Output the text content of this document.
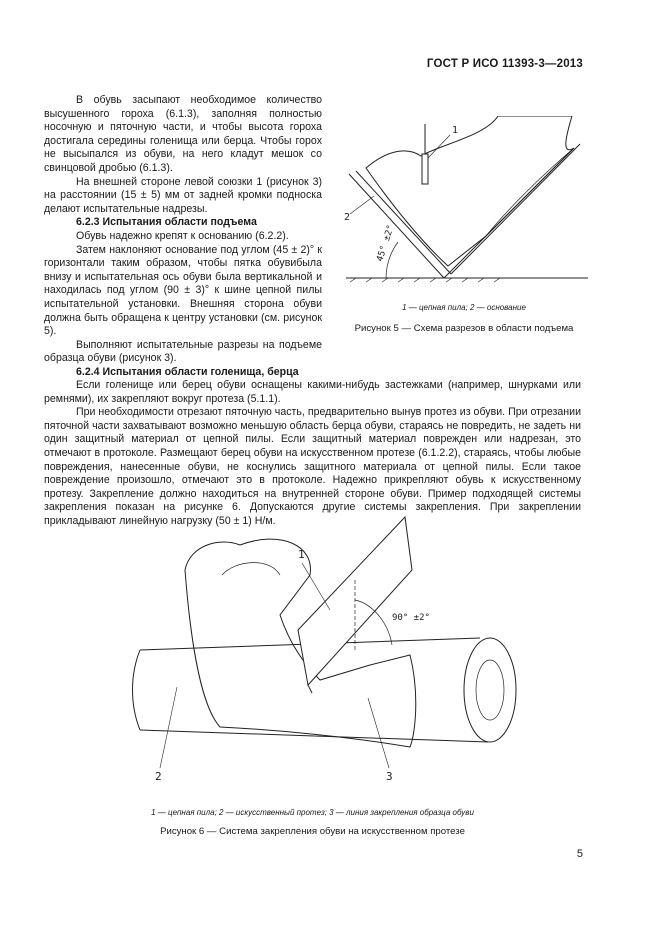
ГОСТ Р ИСО 11393-3—2013

В обувь засыпают необходимое количество высушенного гороха (6.1.3), заполняя полностью носочную и пяточную части, и чтобы высота гороха достигала середины голенища или берца. Чтобы горох не высыпался из обуви, на него кладут мешок со свинцовой дробью (6.1.3).

На внешней стороне левой союзки 1 (рисунок 3) на расстоянии (15 ± 5) мм от задней кромки подноска делают испытательные надрезы.

6.2.3 Испытания области подъема

Обувь надежно крепят к основанию (6.2.2).

Затем наклоняют основание под углом (45 ± 2)° к горизонтали таким образом, чтобы пятка обувибыла внизу и испытательная ось обуви была вертикальной и находилась под углом (90 ± 3)° к шине цепной пилы испытательной установки. Внешняя сторона обуви должна быть обращена к центру установки (см. рисунок 5).

Выполняют испытательные разрезы на подъеме образца обуви (рисунок 3).

6.2.4 Испытания области голенища, берца

45° ±2°
1
2
1 — цепная пила; 2 — основание
Рисунок 5 — Схема разрезов в области подъема

Если голенище или берец обуви оснащены какими-нибудь застежками (например, шнурками или ремнями), их закрепляют вокруг протеза (5.1.1).

При необходимости отрезают пяточную часть, предварительно вынув протез из обуви. При отрезании пяточной части захватывают возможно меньшую область берца обуви, стараясь не повредить, не задеть ни один защитный материал от цепной пилы. Если защитный материал поврежден или надрезан, это отмечают в протоколе. Размещают берец обуви на искусственном протезе (6.1.2.2), стараясь, чтобы любые повреждения, нанесенные обуви, не коснулись защитного материала от цепной пилы. Если такое повреждение произошло, отмечают это в протоколе. Надежно прикрепляют обувь к искусственному протезу. Закрепление должно находиться на внутренней стороне обуви. Пример подходящей системы закрепления показан на рисунке 6. Допускаются другие системы закрепления. При закреплении прикладывают линейную нагрузку (50 ± 1) Н/м.

90° ±2°
1
2	3
1 — цепная пила; 2 — искусственный протез; 3 — линия закрепления образца обуви
Рисунок 6 — Система закрепления обуви на искусственном протезе
5
